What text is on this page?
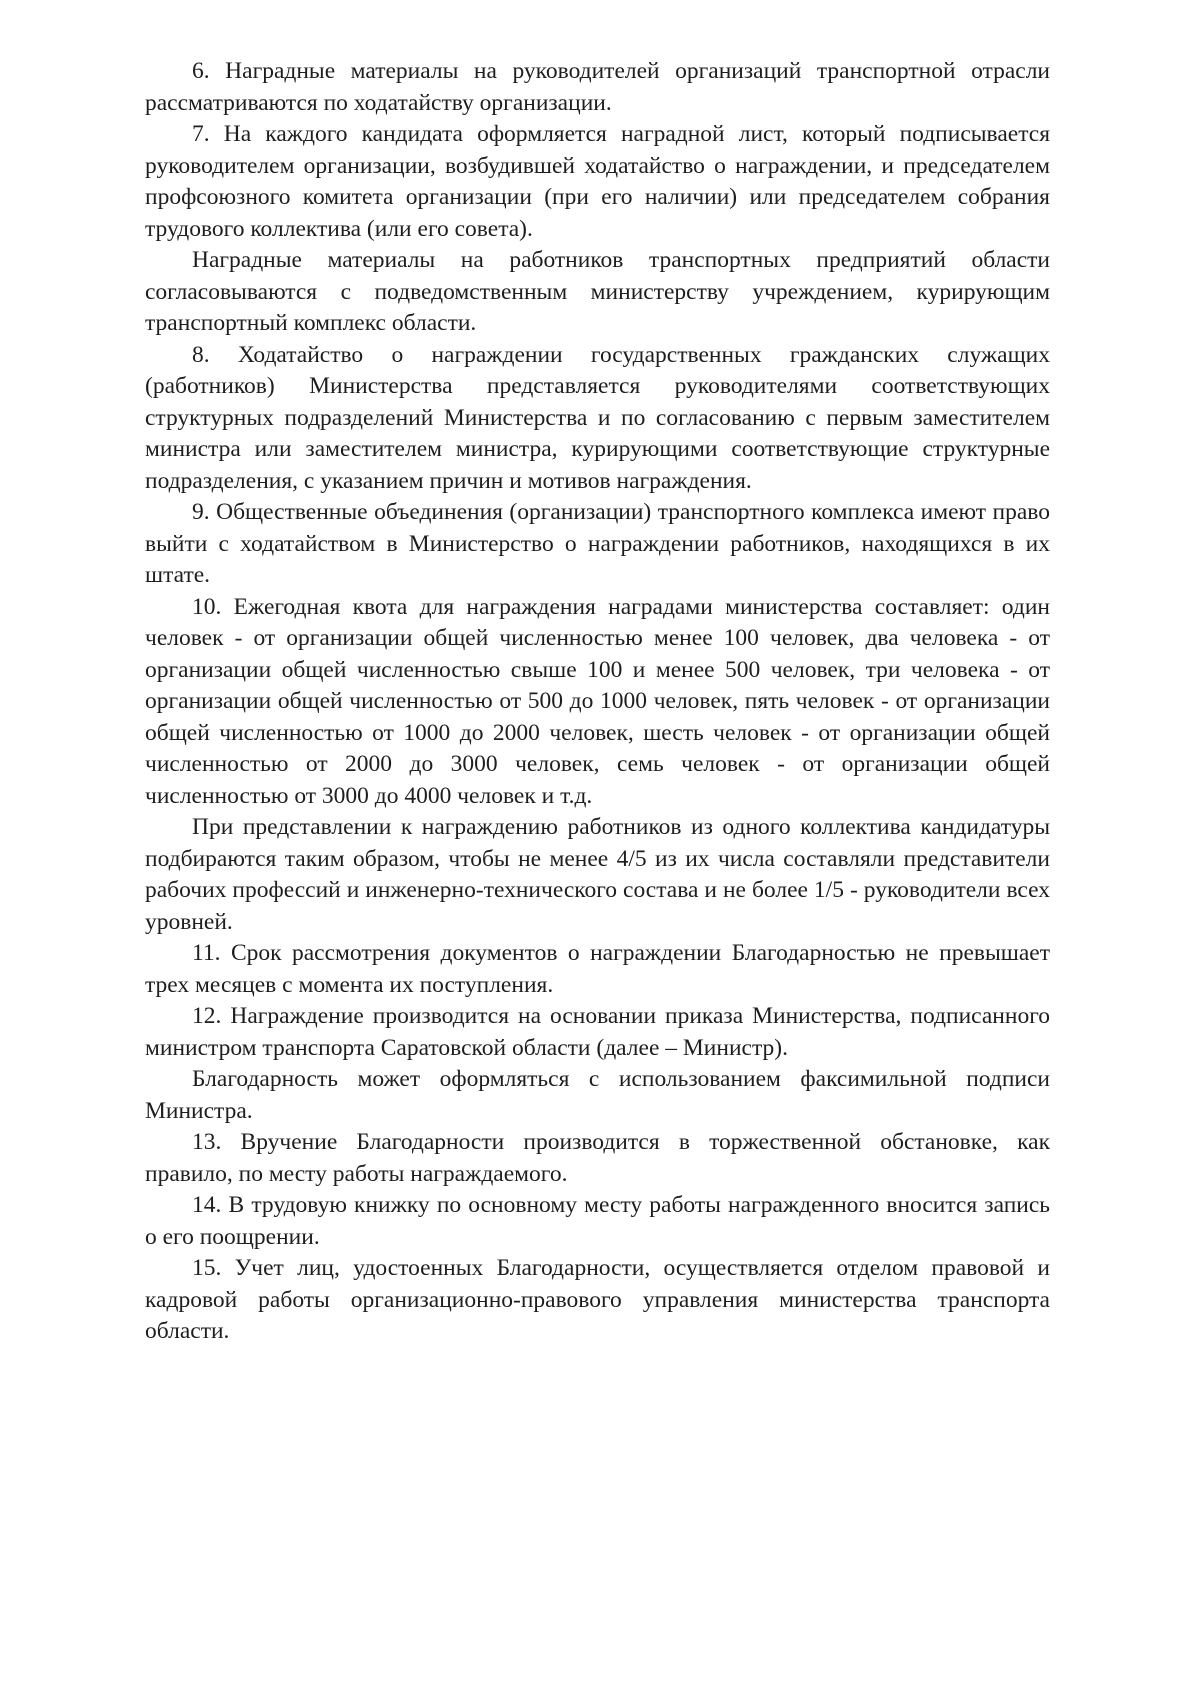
6. Наградные материалы на руководителей организаций транспортной отрасли рассматриваются по ходатайству организации.

7. На каждого кандидата оформляется наградной лист, который подписывается руководителем организации, возбудившей ходатайство о награждении, и председателем профсоюзного комитета организации (при его наличии) или председателем собрания трудового коллектива (или его совета).

Наградные материалы на работников транспортных предприятий области согласовываются с подведомственным министерству учреждением, курирующим транспортный комплекс области.

8. Ходатайство о награждении государственных гражданских служащих (работников) Министерства представляется руководителями соответствующих структурных подразделений Министерства и по согласованию с первым заместителем министра или заместителем министра, курирующими соответствующие структурные подразделения, с указанием причин и мотивов награждения.

9. Общественные объединения (организации) транспортного комплекса имеют право выйти с ходатайством в Министерство о награждении работников, находящихся в их штате.

10. Ежегодная квота для награждения наградами министерства составляет: один человек - от организации общей численностью менее 100 человек, два человека - от организации общей численностью свыше 100 и менее 500 человек, три человека - от организации общей численностью от 500 до 1000 человек, пять человек - от организации общей численностью от 1000 до 2000 человек, шесть человек - от организации общей численностью от 2000 до 3000 человек, семь человек - от организации общей численностью от 3000 до 4000 человек и т.д.

При представлении к награждению работников из одного коллектива кандидатуры подбираются таким образом, чтобы не менее 4/5 из их числа составляли представители рабочих профессий и инженерно-технического состава и не более 1/5 - руководители всех уровней.

11. Срок рассмотрения документов о награждении Благодарностью не превышает трех месяцев с момента их поступления.

12. Награждение производится на основании приказа Министерства, подписанного министром транспорта Саратовской области (далее – Министр).

Благодарность может оформляться с использованием факсимильной подписи Министра.

13. Вручение Благодарности производится в торжественной обстановке, как правило, по месту работы награждаемого.

14. В трудовую книжку по основному месту работы награжденного вносится запись о его поощрении.

15. Учет лиц, удостоенных Благодарности, осуществляется отделом правовой и кадровой работы организационно-правового управления министерства транспорта области.
